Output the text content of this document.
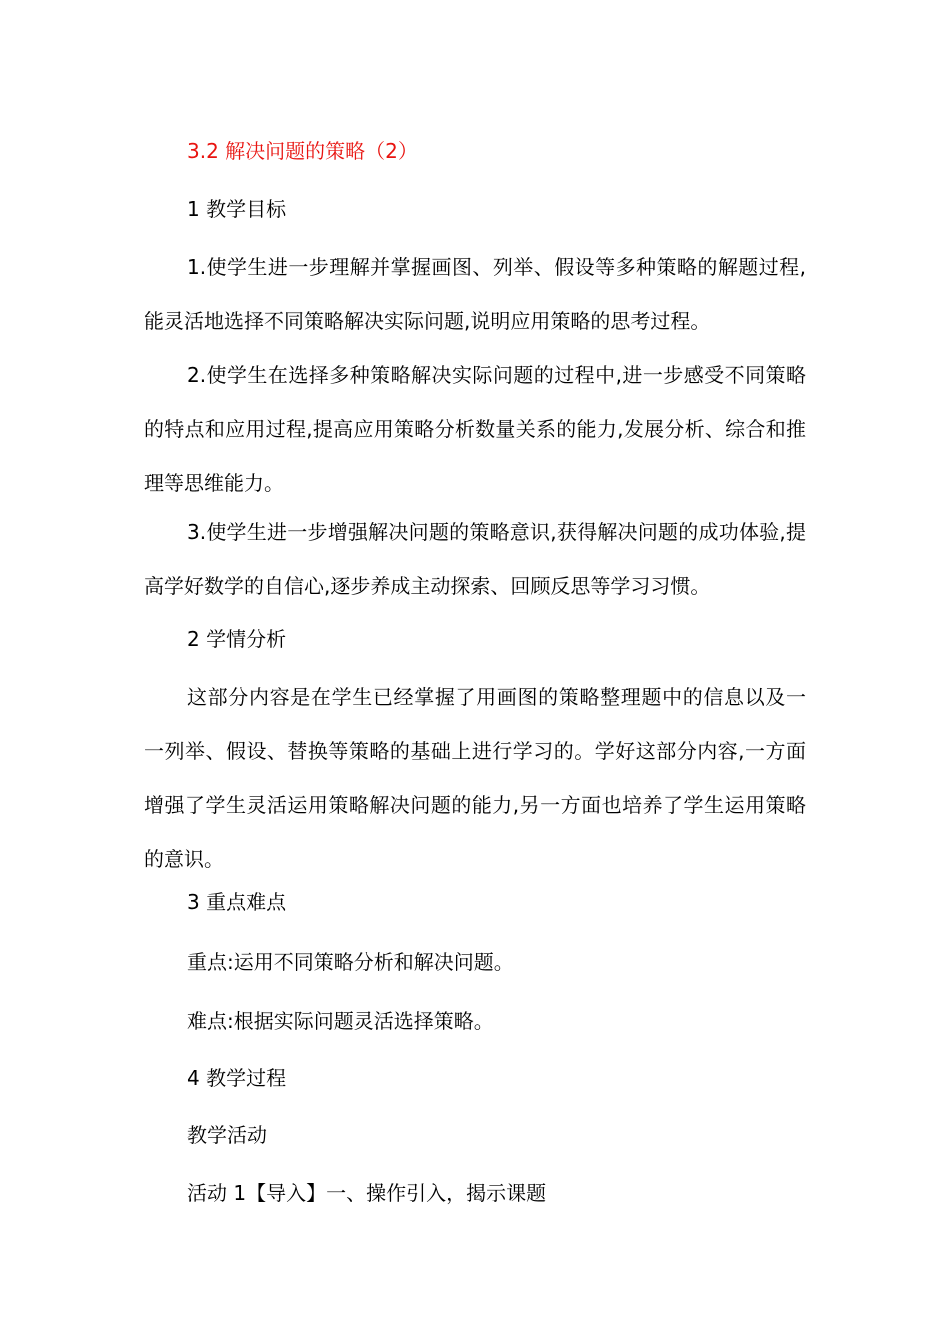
3.2 解决问题的策略（2）
1 教学目标
1.使学生进一步理解并掌握画图、列举、假设等多种策略的解题过程,能灵活地选择不同策略解决实际问题,说明应用策略的思考过程。
2.使学生在选择多种策略解决实际问题的过程中,进一步感受不同策略的特点和应用过程,提高应用策略分析数量关系的能力,发展分析、综合和推理等思维能力。
3.使学生进一步增强解决问题的策略意识,获得解决问题的成功体验,提高学好数学的自信心,逐步养成主动探索、回顾反思等学习习惯。
2 学情分析
这部分内容是在学生已经掌握了用画图的策略整理题中的信息以及一一列举、假设、替换等策略的基础上进行学习的。学好这部分内容,一方面增强了学生灵活运用策略解决问题的能力,另一方面也培养了学生运用策略的意识。
3 重点难点
重点:运用不同策略分析和解决问题。
难点:根据实际问题灵活选择策略。
4 教学过程
教学活动
活动 1【导入】一、操作引入，揭示课题
